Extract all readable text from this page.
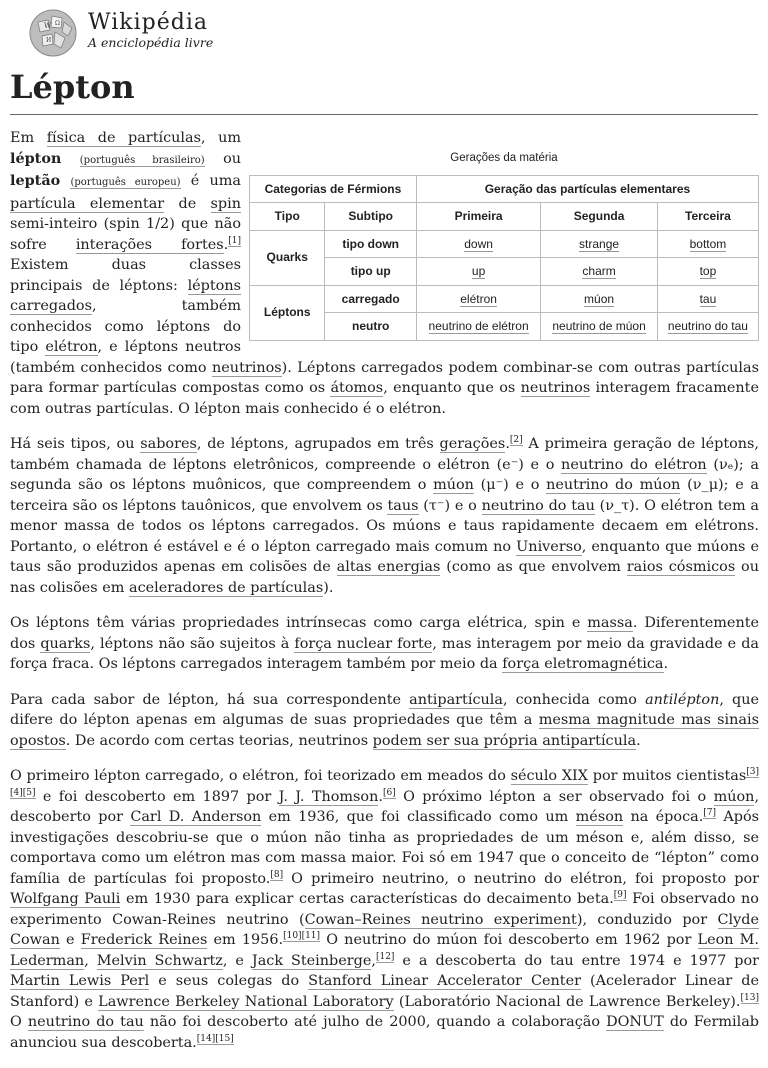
W Ω
И
Wikipédia
A enciclopédia livre
Lépton
Gerações da matéria
Categorias de Férmions		Geração das partículas elementares		
Tipo	Subtipo	Primeira	Segunda	Terceira
Quarks	tipo down	down	strange	bottom
	tipo up	up	charm	top
Léptons	carregado	elétron	múon	tau
	neutro	neutrino de elétron	neutrino de múon	neutrino do tau

Em física de partículas, um lépton (português brasileiro) ou leptão (português europeu) é uma partícula elementar de spin semi-inteiro (spin 1/2) que não sofre interações fortes.[1] Existem duas classes principais de léptons: léptons carregados, também conhecidos como léptons do tipo elétron, e léptons neutros (também conhecidos como neutrinos). Léptons carregados podem combinar-se com outras partículas para formar partículas compostas como os átomos, enquanto que os neutrinos interagem fracamente com outras partículas. O lépton mais conhecido é o elétron.

Há seis tipos, ou sabores, de léptons, agrupados em três gerações.[2] A primeira geração de léptons, também chamada de léptons eletrônicos, compreende o elétron (e⁻) e o neutrino do elétron (νₑ); a segunda são os léptons muônicos, que compreendem o múon (μ⁻) e o neutrino do múon (ν_μ); e a terceira são os léptons tauônicos, que envolvem os taus (τ⁻) e o neutrino do tau (ν_τ). O elétron tem a menor massa de todos os léptons carregados. Os múons e taus rapidamente decaem em elétrons. Portanto, o elétron é estável e é o lépton carregado mais comum no Universo, enquanto que múons e taus são produzidos apenas em colisões de altas energias (como as que envolvem raios cósmicos ou nas colisões em aceleradores de partículas).

Os léptons têm várias propriedades intrínsecas como carga elétrica, spin e massa. Diferentemente dos quarks, léptons não são sujeitos à força nuclear forte, mas interagem por meio da gravidade e da força fraca. Os léptons carregados interagem também por meio da força eletromagnética.

Para cada sabor de lépton, há sua correspondente antipartícula, conhecida como antilépton, que difere do lépton apenas em algumas de suas propriedades que têm a mesma magnitude mas sinais opostos. De acordo com certas teorias, neutrinos podem ser sua própria antipartícula.

O primeiro lépton carregado, o elétron, foi teorizado em meados do século XIX por muitos cientistas[3][4][5] e foi descoberto em 1897 por J. J. Thomson.[6] O próximo lépton a ser observado foi o múon, descoberto por Carl D. Anderson em 1936, que foi classificado como um méson na época.[7] Após investigações descobriu-se que o múon não tinha as propriedades de um méson e, além disso, se comportava como um elétron mas com massa maior. Foi só em 1947 que o conceito de “lépton” como família de partículas foi proposto.[8] O primeiro neutrino, o neutrino do elétron, foi proposto por Wolfgang Pauli em 1930 para explicar certas características do decaimento beta.[9] Foi observado no experimento Cowan-Reines neutrino (Cowan–Reines neutrino experiment), conduzido por Clyde Cowan e Frederick Reines em 1956.[10][11] O neutrino do múon foi descoberto em 1962 por Leon M. Lederman, Melvin Schwartz, e Jack Steinberge,[12] e a descoberta do tau entre 1974 e 1977 por Martin Lewis Perl e seus colegas do Stanford Linear Accelerator Center (Acelerador Linear de Stanford) e Lawrence Berkeley National Laboratory (Laboratório Nacional de Lawrence Berkeley).[13] O neutrino do tau não foi descoberto até julho de 2000, quando a colaboração DONUT do Fermilab anunciou sua descoberta.[14][15]
